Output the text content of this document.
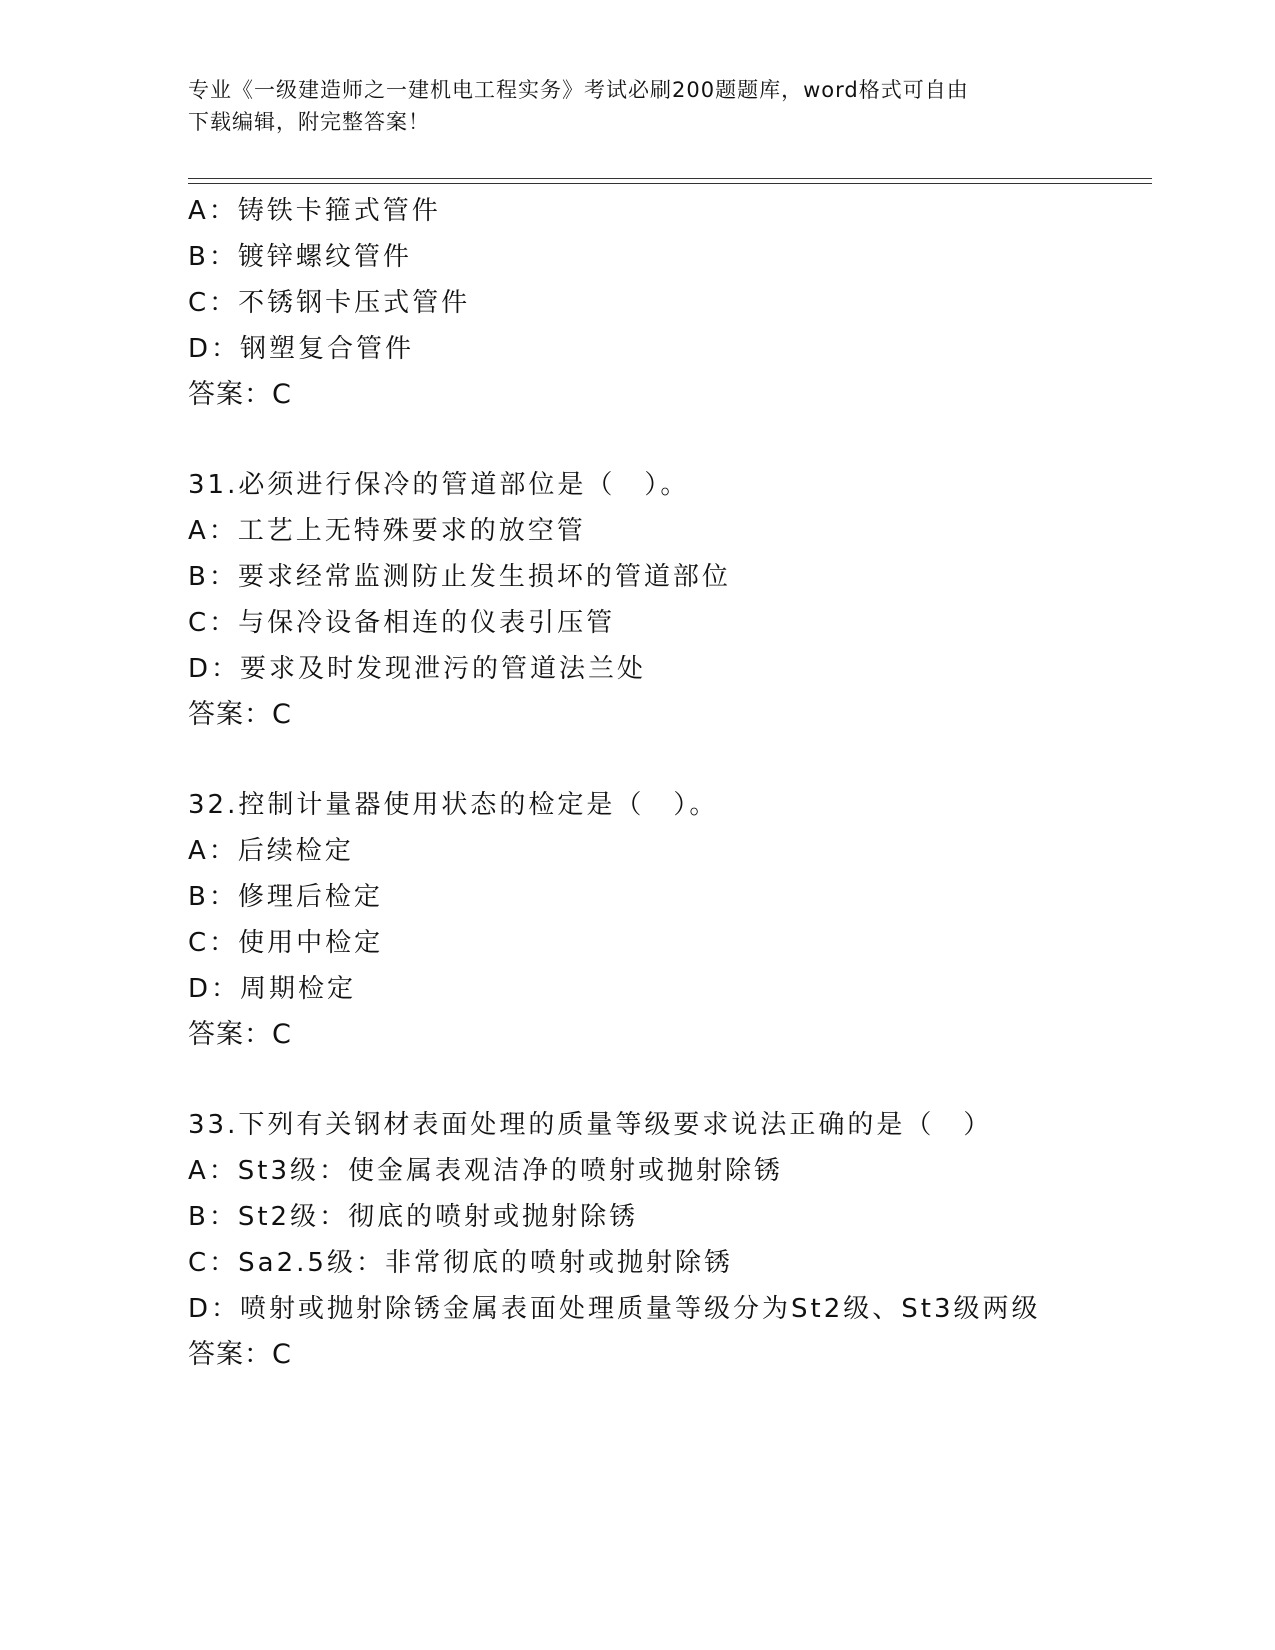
专业《一级建造师之一建机电工程实务》考试必刷200题题库，word格式可自由
下载编辑，附完整答案！
A：铸铁卡箍式管件
B：镀锌螺纹管件
C：不锈钢卡压式管件
D：钢塑复合管件
答案：C
31.必须进行保冷的管道部位是（　）。
A：工艺上无特殊要求的放空管
B：要求经常监测防止发生损坏的管道部位
C：与保冷设备相连的仪表引压管
D：要求及时发现泄污的管道法兰处
答案：C
32.控制计量器使用状态的检定是（　）。
A：后续检定
B：修理后检定
C：使用中检定
D：周期检定
答案：C
33.下列有关钢材表面处理的质量等级要求说法正确的是（　）
A：St3级：使金属表观洁净的喷射或抛射除锈
B：St2级：彻底的喷射或抛射除锈
C：Sa2.5级：非常彻底的喷射或抛射除锈
D：喷射或抛射除锈金属表面处理质量等级分为St2级、St3级两级
答案：C
